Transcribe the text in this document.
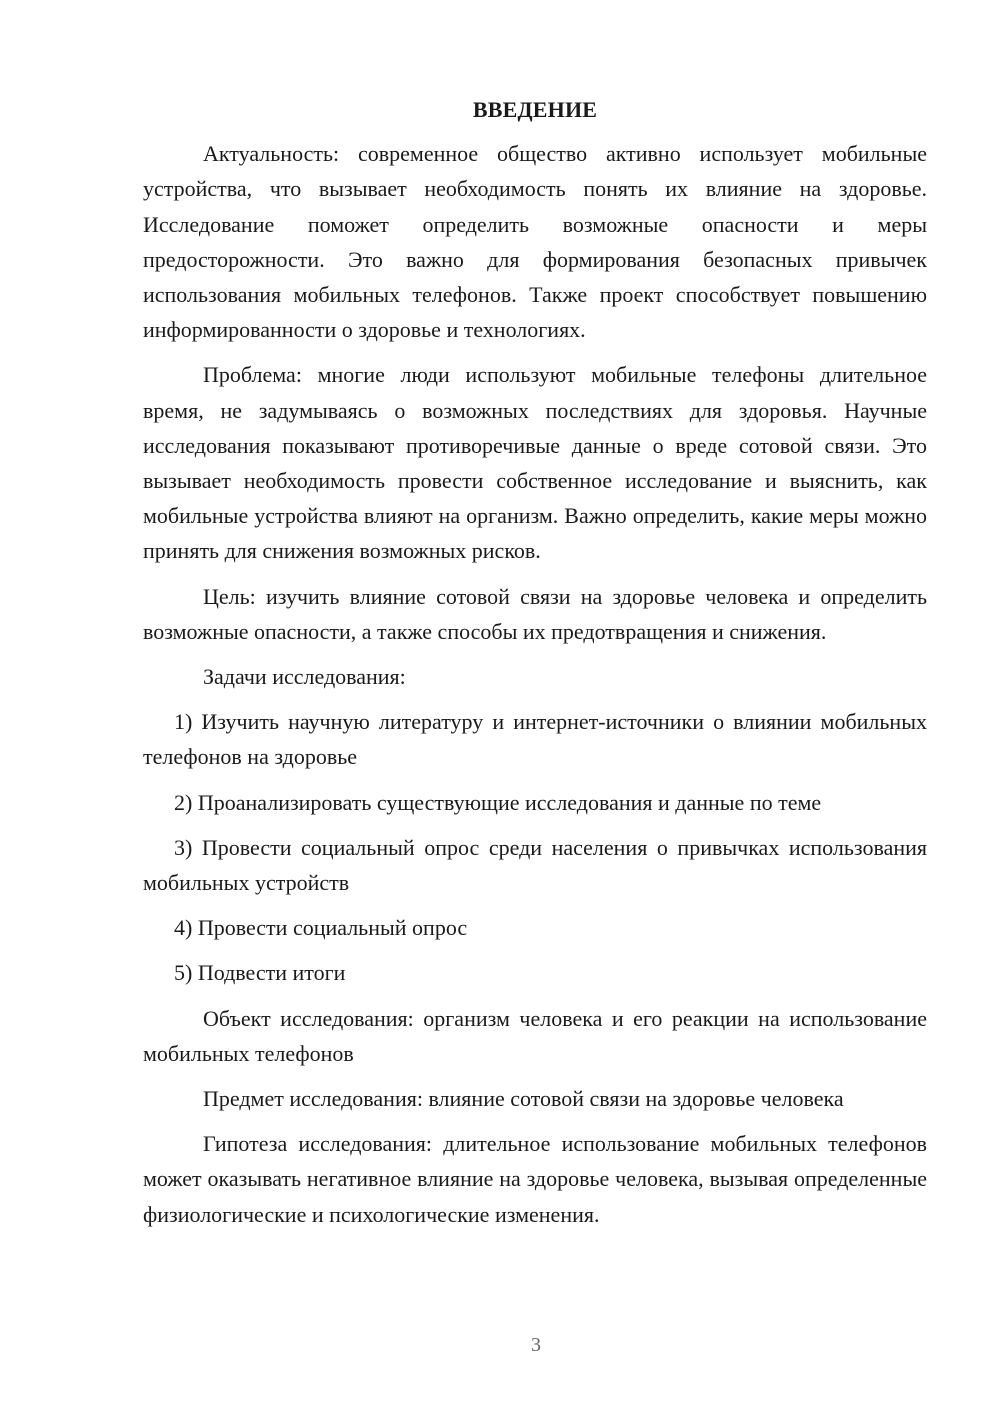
ВВЕДЕНИЕ

Актуальность: современное общество активно использует мобильные устройства, что вызывает необходимость понять их влияние на здоровье. Исследование поможет определить возможные опасности и меры предосторожности. Это важно для формирования безопасных привычек использования мобильных телефонов. Также проект способствует повышению информированности о здоровье и технологиях.

Проблема: многие люди используют мобильные телефоны длительное время, не задумываясь о возможных последствиях для здоровья. Научные исследования показывают противоречивые данные о вреде сотовой связи. Это вызывает необходимость провести собственное исследование и выяснить, как мобильные устройства влияют на организм. Важно определить, какие меры можно принять для снижения возможных рисков.

Цель: изучить влияние сотовой связи на здоровье человека и определить возможные опасности, а также способы их предотвращения и снижения.

Задачи исследования:

1) Изучить научную литературу и интернет-источники о влиянии мобильных телефонов на здоровье

2) Проанализировать существующие исследования и данные по теме

3) Провести социальный опрос среди населения о привычках использования мобильных устройств

4) Провести социальный опрос

5) Подвести итоги

Объект исследования: организм человека и его реакции на использование мобильных телефонов

Предмет исследования: влияние сотовой связи на здоровье человека

Гипотеза исследования: длительное использование мобильных телефонов может оказывать негативное влияние на здоровье человека, вызывая определенные физиологические и психологические изменения.

3
